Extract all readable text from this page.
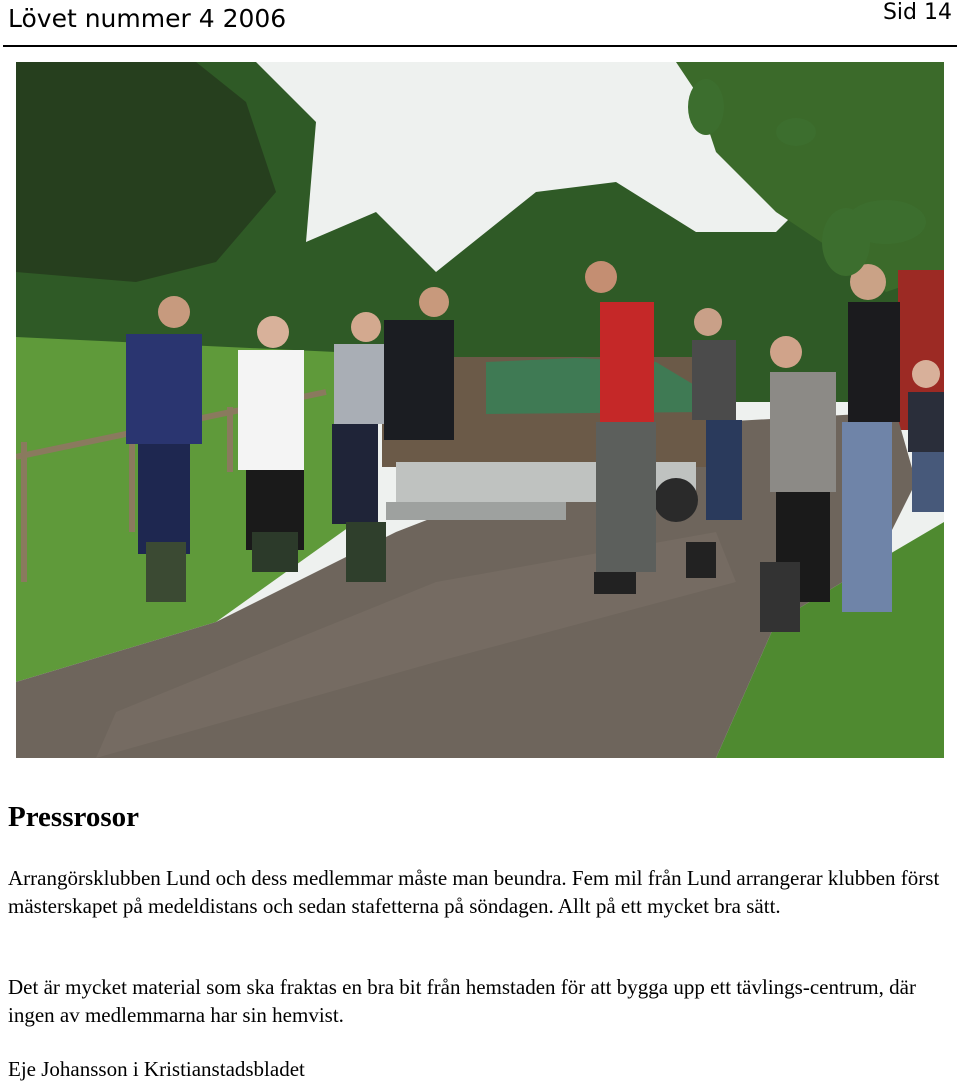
Lövet nummer 4 2006	Sid 14
Pressrosor

Arrangörsklubben Lund och dess medlemmar måste man beundra. Fem mil från Lund arrangerar klubben först mästerskapet på medeldistans och sedan stafetterna på söndagen. Allt på ett mycket bra sätt.

Det är mycket material som ska fraktas en bra bit från hemstaden för att bygga upp ett tävlings-centrum, där ingen av medlemmarna har sin hemvist.

Eje Johansson i Kristianstadsbladet
